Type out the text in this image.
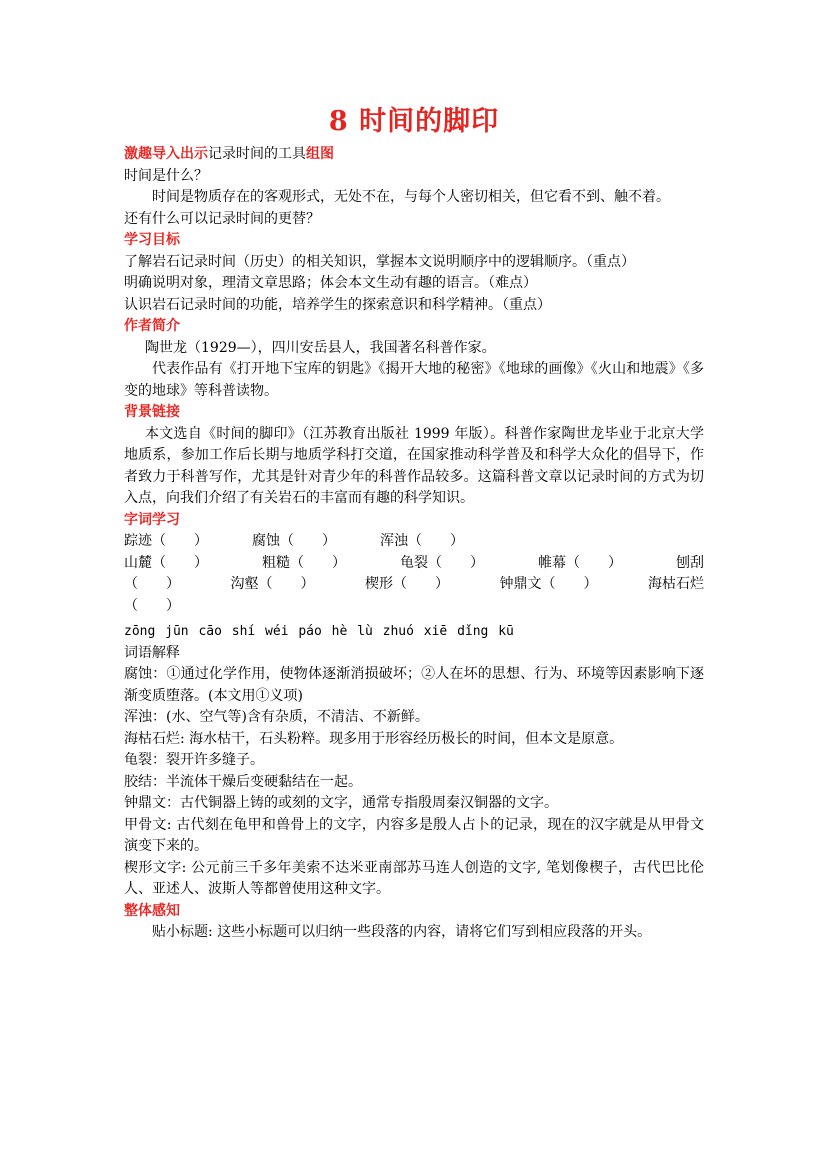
8 时间的脚印

激趣导入出示记录时间的工具组图

时间是什么？

时间是物质存在的客观形式，无处不在，与每个人密切相关，但它看不到、触不着。

还有什么可以记录时间的更替？

学习目标

了解岩石记录时间（历史）的相关知识，掌握本文说明顺序中的逻辑顺序。（重点）

明确说明对象，理清文章思路；体会本文生动有趣的语言。（难点）

认识岩石记录时间的功能，培养学生的探索意识和科学精神。（重点）

作者简介

陶世龙（1929—），四川安岳县人，我国著名科普作家。

代表作品有《打开地下宝库的钥匙》《揭开大地的秘密》《地球的画像》《火山和地震》《多变的地球》等科普读物。

背景链接

本文选自《时间的脚印》（江苏教育出版社 1999 年版）。科普作家陶世龙毕业于北京大学地质系，参加工作后长期与地质学科打交道，在国家推动科学普及和科学大众化的倡导下，作者致力于科普写作，尤其是针对青少年的科普作品较多。这篇科普文章以记录时间的方式为切入点，向我们介绍了有关岩石的丰富而有趣的科学知识。

字词学习

踪迹（　　）	腐蚀（　　）	浑浊（　　）
山麓（　　）	粗糙（　　）	龟裂（　　）	帷幕（　　）	刨刮
（　　）	沟壑（　　）	楔形（　　）	钟鼎文（　　）	海枯石烂

（　　）

zōng jūn cāo shí wéi páo hè lù zhuó xiē dǐng kū

词语解释

腐蚀：①通过化学作用，使物体逐渐消损破坏；②人在坏的思想、行为、环境等因素影响下逐渐变质堕落。(本文用①义项)

浑浊：(水、空气等)含有杂质，不清洁、不新鲜。

海枯石烂: 海水枯干，石头粉粹。现多用于形容经历极长的时间，但本文是原意。

龟裂：裂开许多缝子。

胶结：半流体干燥后变硬黏结在一起。

钟鼎文：古代铜器上铸的或刻的文字，通常专指殷周秦汉铜器的文字。

甲骨文: 古代刻在龟甲和兽骨上的文字，内容多是殷人占卜的记录，现在的汉字就是从甲骨文演变下来的。

楔形文字: 公元前三千多年美索不达米亚南部苏马连人创造的文字, 笔划像楔子，古代巴比伦人、亚述人、波斯人等都曾使用这种文字。

整体感知

贴小标题: 这些小标题可以归纳一些段落的内容，请将它们写到相应段落的开头。
